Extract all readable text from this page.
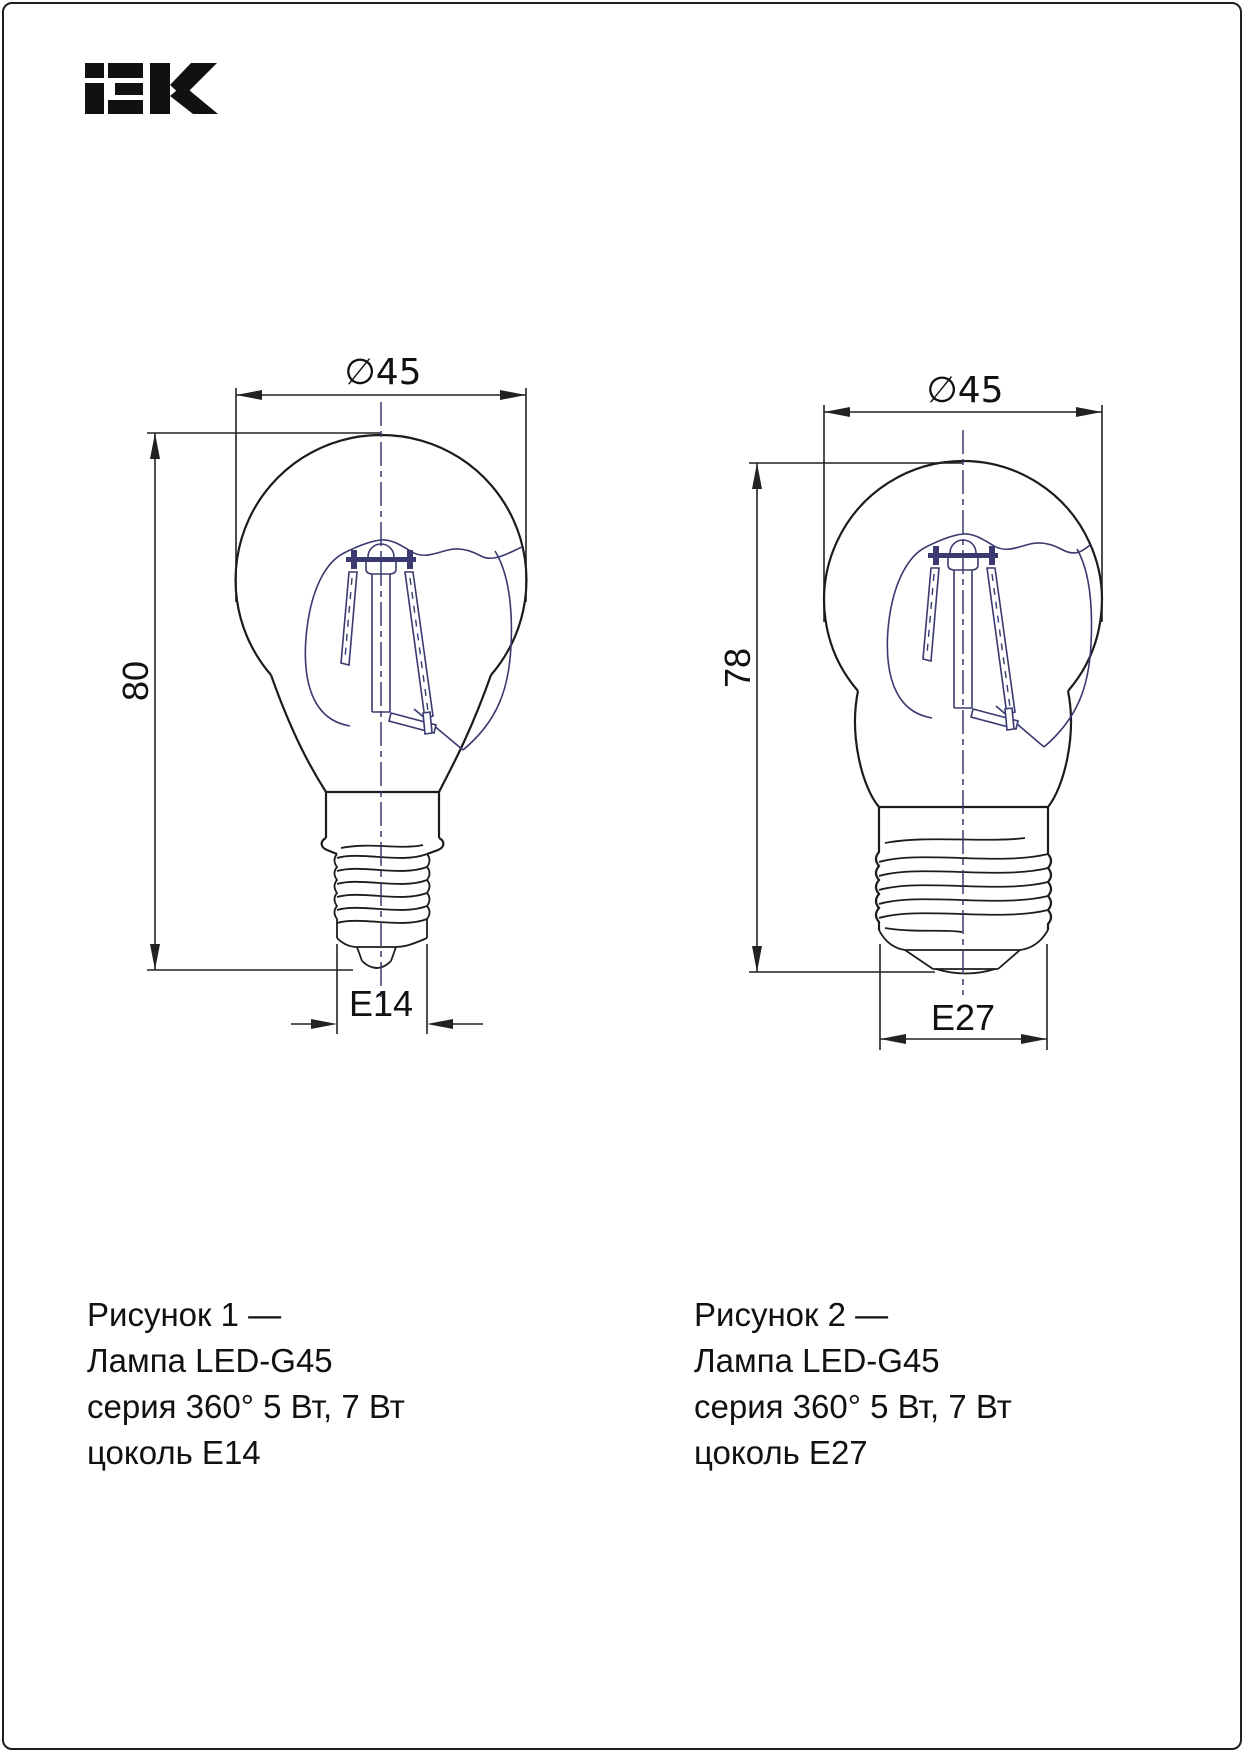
∅45
80
E14
∅45
78
E27
Рисунок 1 —
Лампа LED-G45
серия 360° 5 Вт, 7 Вт
цоколь Е14
Рисунок 2 —
Лампа LED-G45
серия 360° 5 Вт, 7 Вт
цоколь Е27
